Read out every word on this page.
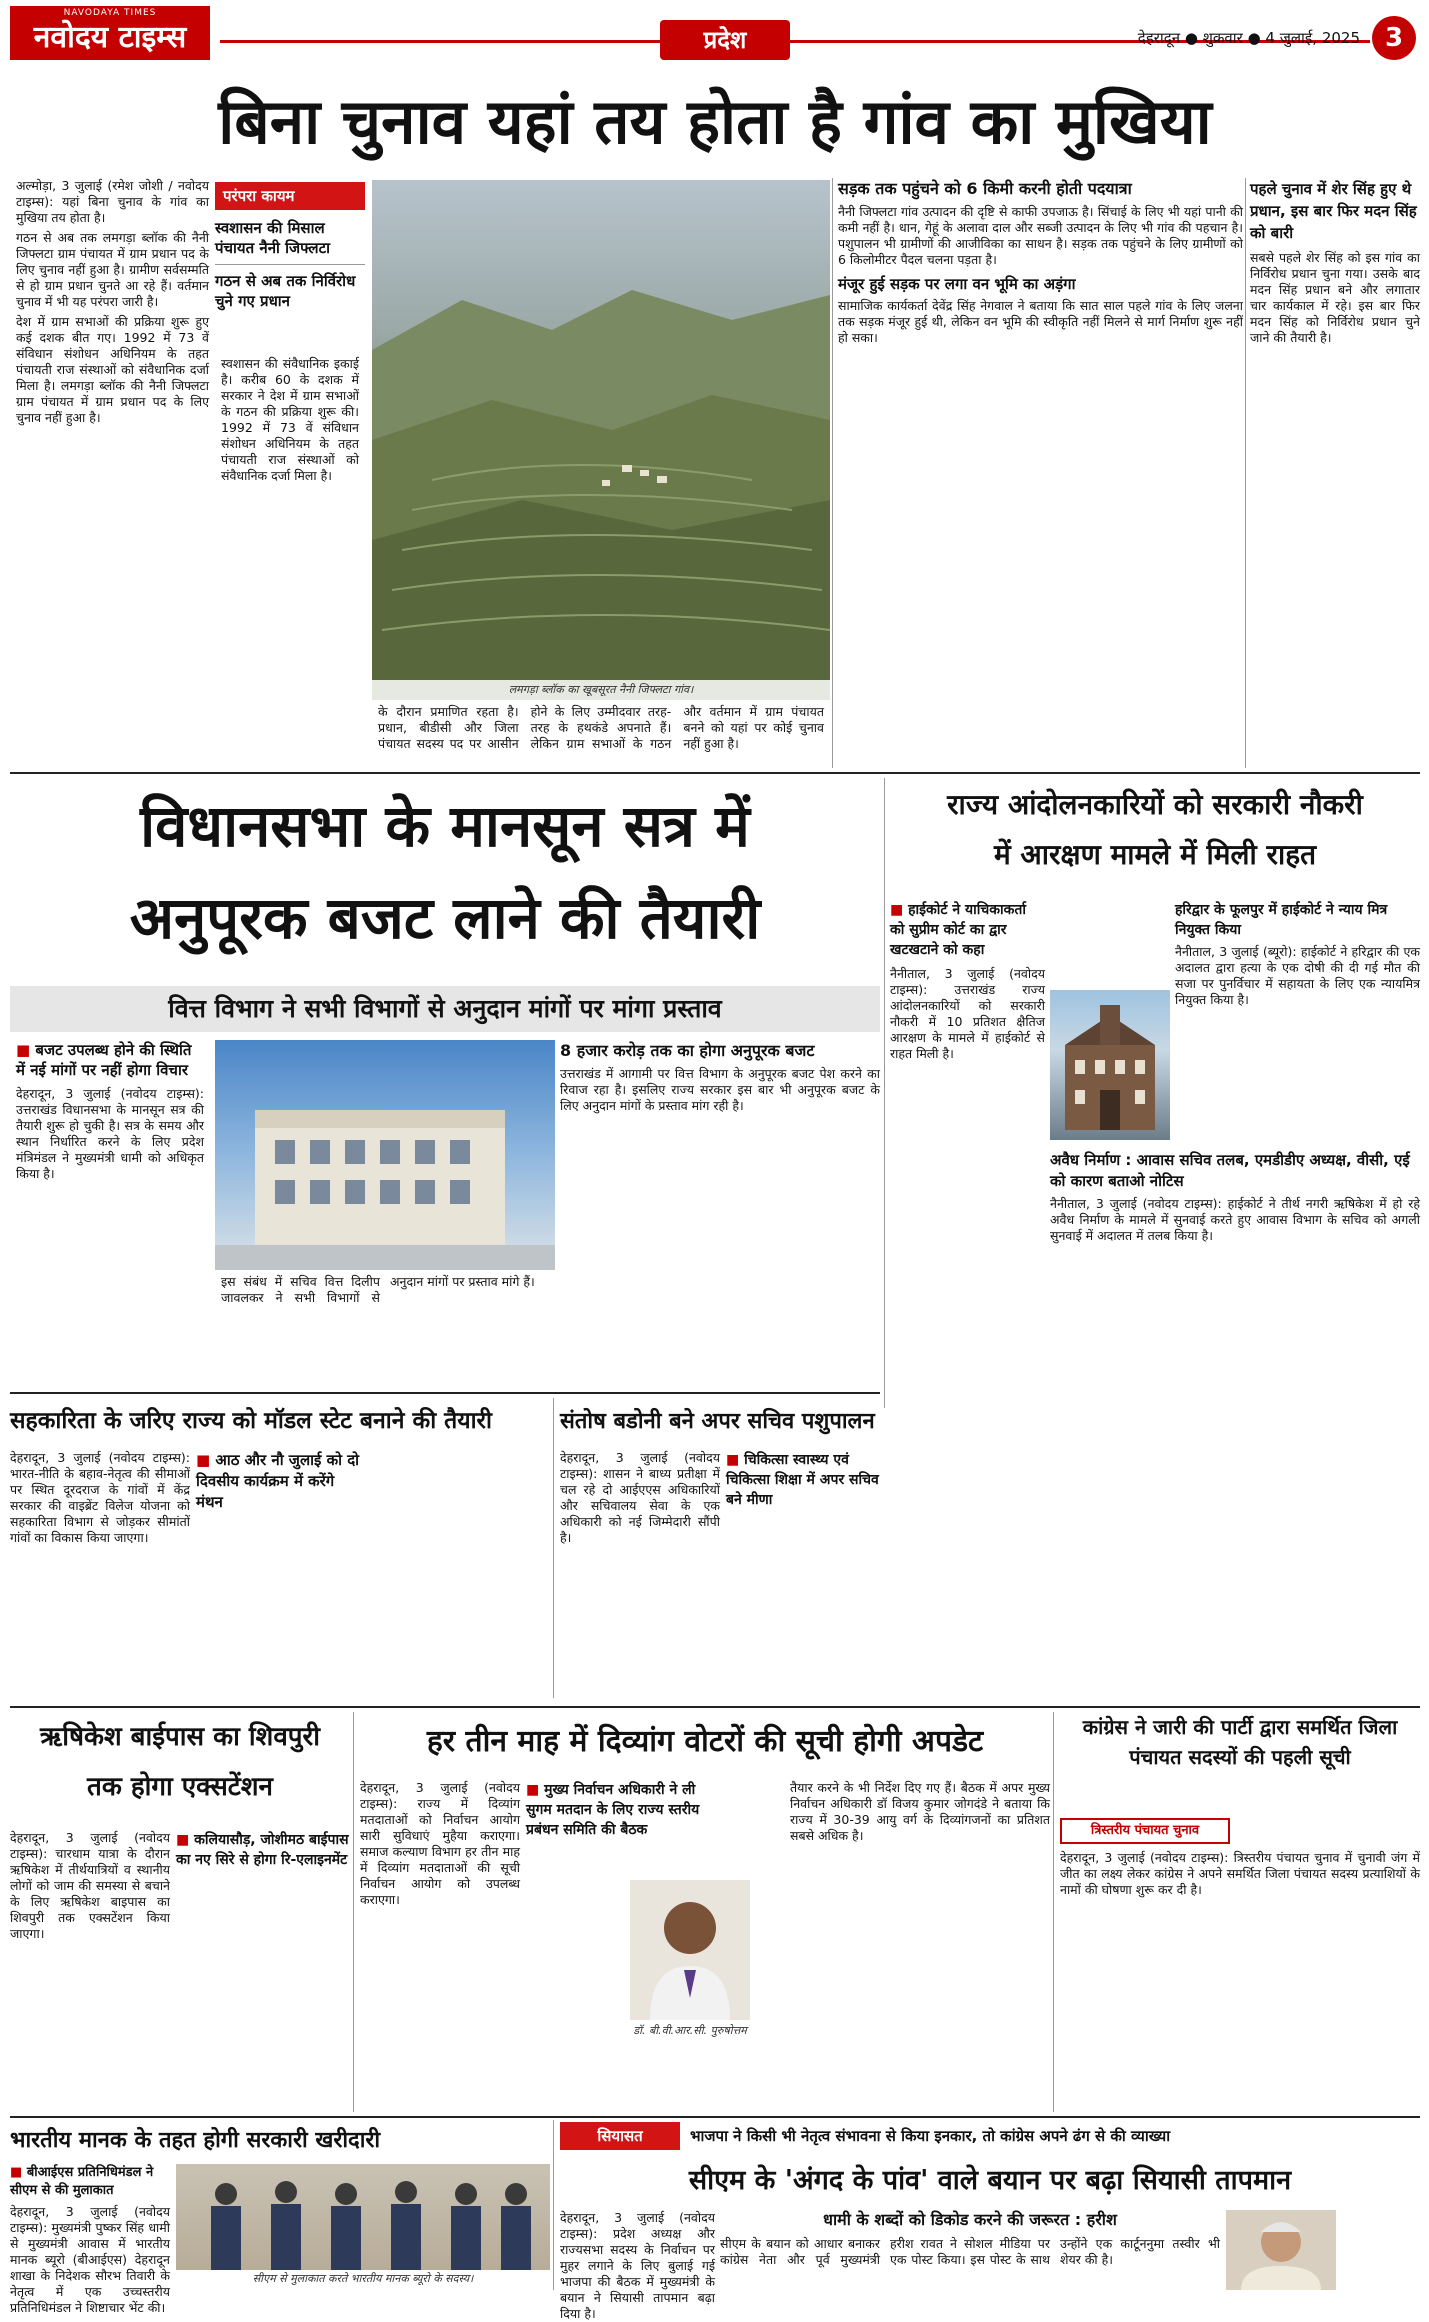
NAVODAYA TIMES
नवोदय टाइम्स	प्रदेश	देहरादून ● शुक्रवार ● 4 जुलाई, 2025 3
बिना चुनाव यहां तय होता है गांव का मुखिया

अल्मोड़ा, 3 जुलाई (रमेश जोशी / नवोदय टाइम्स): यहां बिना चुनाव के गांव का मुखिया तय होता है।

गठन से अब तक लमगड़ा ब्लॉक की नैनी जिफ्लटा ग्राम पंचायत में ग्राम प्रधान पद के लिए चुनाव नहीं हुआ है। ग्रामीण सर्वसम्मति से हो ग्राम प्रधान चुनते आ रहे हैं। वर्तमान चुनाव में भी यह परंपरा जारी है।

देश में ग्राम सभाओं की प्रक्रिया शुरू हुए कई दशक बीत गए। 1992 में 73 वें संविधान संशोधन अधिनियम के तहत पंचायती राज संस्थाओं को संवैधानिक दर्जा मिला है। लमगड़ा ब्लॉक की नैनी जिफ्लटा ग्राम पंचायत में ग्राम प्रधान पद के लिए चुनाव नहीं हुआ है।

परंपरा कायम
स्वशासन की मिसाल पंचायत नैनी जिफ्लटा
गठन से अब तक निर्विरोध चुने गए प्रधान

स्वशासन की संवैधानिक इकाई है। करीब 60 के दशक में सरकार ने देश में ग्राम सभाओं के गठन की प्रक्रिया शुरू की। 1992 में 73 वें संविधान संशोधन अधिनियम के तहत पंचायती राज संस्थाओं को संवैधानिक दर्जा मिला है।

लमगड़ा ब्लॉक का खूबसूरत नैनी जिफ्लटा गांव।

के दौरान प्रमाणित रहता है। प्रधान, बीडीसी और जिला पंचायत सदस्य पद पर आसीन होने के लिए उम्मीदवार तरह-तरह के हथकंडे अपनाते हैं। लेकिन ग्राम सभाओं के गठन और वर्तमान में ग्राम पंचायत बनने को यहां पर कोई चुनाव नहीं हुआ है।

सड़क तक पहुंचने को 6 किमी करनी होती पदयात्रा

नैनी जिफ्लटा गांव उत्पादन की दृष्टि से काफी उपजाऊ है। सिंचाई के लिए भी यहां पानी की कमी नहीं है। धान, गेहूं के अलावा दाल और सब्जी उत्पादन के लिए भी गांव की पहचान है। पशुपालन भी ग्रामीणों की आजीविका का साधन है। सड़क तक पहुंचने के लिए ग्रामीणों को 6 किलोमीटर पैदल चलना पड़ता है।

मंजूर हुई सड़क पर लगा वन भूमि का अड़ंगा

सामाजिक कार्यकर्ता देवेंद्र सिंह नेगवाल ने बताया कि सात साल पहले गांव के लिए जलना तक सड़क मंजूर हुई थी, लेकिन वन भूमि की स्वीकृति नहीं मिलने से मार्ग निर्माण शुरू नहीं हो सका।

पहले चुनाव में शेर सिंह हुए थे प्रधान, इस बार फिर मदन सिंह को बारी

सबसे पहले शेर सिंह को इस गांव का निर्विरोध प्रधान चुना गया। उसके बाद मदन सिंह प्रधान बने और लगातार चार कार्यकाल में रहे। इस बार फिर मदन सिंह को निर्विरोध प्रधान चुने जाने की तैयारी है।

विधानसभा के मानसून सत्र में
अनुपूरक बजट लाने की तैयारी
वित्त विभाग ने सभी विभागों से अनुदान मांगों पर मांगा प्रस्ताव
■ बजट उपलब्ध होने की स्थिति में नई मांगों पर नहीं होगा विचार

देहरादून, 3 जुलाई (नवोदय टाइम्स): उत्तराखंड विधानसभा के मानसून सत्र की तैयारी शुरू हो चुकी है। सत्र के समय और स्थान निर्धारित करने के लिए प्रदेश मंत्रिमंडल ने मुख्यमंत्री धामी को अधिकृत किया है।

इस संबंध में सचिव वित्त दिलीप जावलकर ने सभी विभागों से अनुदान मांगों पर प्रस्ताव मांगे हैं।

8 हजार करोड़ तक का होगा अनुपूरक बजट

उत्तराखंड में आगामी पर वित्त विभाग के अनुपूरक बजट पेश करने का रिवाज रहा है। इसलिए राज्य सरकार इस बार भी अनुपूरक बजट के लिए अनुदान मांगों के प्रस्ताव मांग रही है।

राज्य आंदोलनकारियों को सरकारी नौकरी
में आरक्षण मामले में मिली राहत
■ हाईकोर्ट ने याचिकाकर्ता को सुप्रीम कोर्ट का द्वार खटखटाने को कहा

नैनीताल, 3 जुलाई (नवोदय टाइम्स): उत्तराखंड राज्य आंदोलनकारियों को सरकारी नौकरी में 10 प्रतिशत क्षैतिज आरक्षण के मामले में हाईकोर्ट से राहत मिली है।

हरिद्वार के फूलपुर में हाईकोर्ट ने न्याय मित्र नियुक्त किया

नैनीताल, 3 जुलाई (ब्यूरो): हाईकोर्ट ने हरिद्वार की एक अदालत द्वारा हत्या के एक दोषी की दी गई मौत की सजा पर पुनर्विचार में सहायता के लिए एक न्यायमित्र नियुक्त किया है।

अवैध निर्माण : आवास सचिव तलब, एमडीडीए अध्यक्ष, वीसी, एई को कारण बताओ नोटिस

नैनीताल, 3 जुलाई (नवोदय टाइम्स): हाईकोर्ट ने तीर्थ नगरी ऋषिकेश में हो रहे अवैध निर्माण के मामले में सुनवाई करते हुए आवास विभाग के सचिव को अगली सुनवाई में अदालत में तलब किया है।

सहकारिता के जरिए राज्य को मॉडल स्टेट बनाने की तैयारी

देहरादून, 3 जुलाई (नवोदय टाइम्स): भारत-नीति के बहाव-नेतृत्व की सीमाओं पर स्थित दूरदराज के गांवों में केंद्र सरकार की वाइब्रेंट विलेज योजना को सहकारिता विभाग से जोड़कर सीमांतों गांवों का विकास किया जाएगा।

■ आठ और नौ जुलाई को दो दिवसीय कार्यक्रम में करेंगे मंथन
संतोष बडोनी बने अपर सचिव पशुपालन

देहरादून, 3 जुलाई (नवोदय टाइम्स): शासन ने बाध्य प्रतीक्षा में चल रहे दो आईएएस अधिकारियों और सचिवालय सेवा के एक अधिकारी को नई जिम्मेदारी सौंपी है।

■ चिकित्सा स्वास्थ्य एवं चिकित्सा शिक्षा में अपर सचिव बने मीणा
ऋषिकेश बाईपास का शिवपुरी
तक होगा एक्सटेंशन

देहरादून, 3 जुलाई (नवोदय टाइम्स): चारधाम यात्रा के दौरान ऋषिकेश में तीर्थयात्रियों व स्थानीय लोगों को जाम की समस्या से बचाने के लिए ऋषिकेश बाइपास का शिवपुरी तक एक्सटेंशन किया जाएगा।

■ कलियासौड़, जोशीमठ बाईपास का नए सिरे से होगा रि-एलाइनमेंट
हर तीन माह में दिव्यांग वोटरों की सूची होगी अपडेट

देहरादून, 3 जुलाई (नवोदय टाइम्स): राज्य में दिव्यांग मतदाताओं को निर्वाचन आयोग सारी सुविधाएं मुहैया कराएगा। समाज कल्याण विभाग हर तीन माह में दिव्यांग मतदाताओं की सूची निर्वाचन आयोग को उपलब्ध कराएगा।

■ मुख्य निर्वाचन अधिकारी ने ली सुगम मतदान के लिए राज्य स्तरीय प्रबंधन समिति की बैठक
डॉ. बी.वी.आर.सी. पुरुषोत्तम

तैयार करने के भी निर्देश दिए गए हैं। बैठक में अपर मुख्य निर्वाचन अधिकारी डॉ विजय कुमार जोगदंडे ने बताया कि राज्य में 30-39 आयु वर्ग के दिव्यांगजनों का प्रतिशत सबसे अधिक है।

कांग्रेस ने जारी की पार्टी द्वारा समर्थित जिला पंचायत सदस्यों की पहली सूची
त्रिस्तरीय पंचायत चुनाव

देहरादून, 3 जुलाई (नवोदय टाइम्स): त्रिस्तरीय पंचायत चुनाव में चुनावी जंग में जीत का लक्ष्य लेकर कांग्रेस ने अपने समर्थित जिला पंचायत सदस्य प्रत्याशियों के नामों की घोषणा शुरू कर दी है।

भारतीय मानक के तहत होगी सरकारी खरीदारी
■ बीआईएस प्रतिनिधिमंडल ने सीएम से की मुलाकात

देहरादून, 3 जुलाई (नवोदय टाइम्स): मुख्यमंत्री पुष्कर सिंह धामी से मुख्यमंत्री आवास में भारतीय मानक ब्यूरो (बीआईएस) देहरादून शाखा के निदेशक सौरभ तिवारी के नेतृत्व में एक उच्चस्तरीय प्रतिनिधिमंडल ने शिष्टाचार भेंट की।

सीएम से मुलाकात करते भारतीय मानक ब्यूरो के सदस्य।
सियासत	भाजपा ने किसी भी नेतृत्व संभावना से किया इनकार, तो कांग्रेस अपने ढंग से की व्याख्या
सीएम के 'अंगद के पांव' वाले बयान पर बढ़ा सियासी तापमान
धामी के शब्दों को डिकोड करने की जरूरत : हरीश

देहरादून, 3 जुलाई (नवोदय टाइम्स): प्रदेश अध्यक्ष और राज्यसभा सदस्य के निर्वाचन पर मुहर लगाने के लिए बुलाई गई भाजपा की बैठक में मुख्यमंत्री के बयान ने सियासी तापमान बढ़ा दिया है।

सीएम के बयान को आधार बनाकर कांग्रेस नेता और पूर्व मुख्यमंत्री हरीश रावत ने सोशल मीडिया पर एक पोस्ट किया। इस पोस्ट के साथ उन्होंने एक कार्टूननुमा तस्वीर भी शेयर की है।
